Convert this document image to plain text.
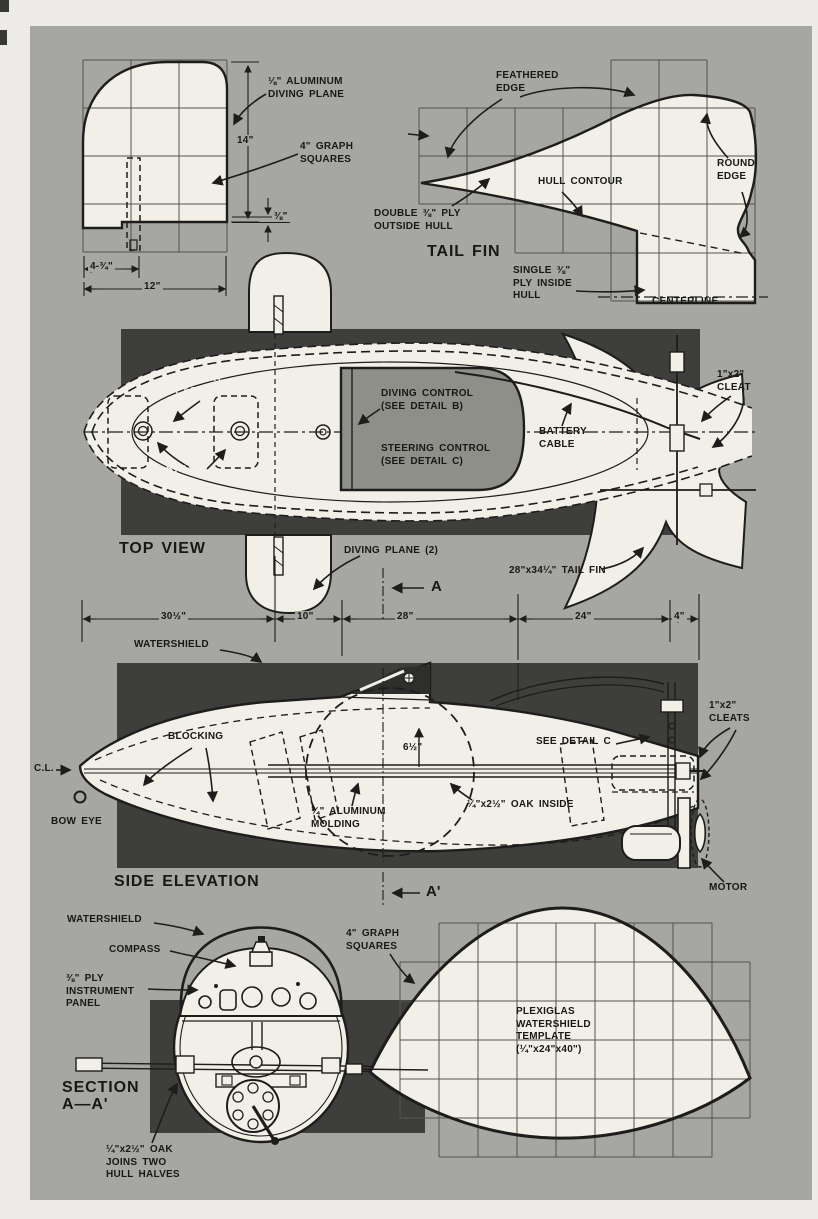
⅛" ALUMINUM
DIVING PLANE
4" GRAPH
SQUARES
14"
⅜"
4-¾"
12"
FEATHERED
EDGE
HULL CONTOUR
ROUND
EDGE
DOUBLE ⅜" PLY
OUTSIDE HULL
TAIL FIN
SINGLE ⅜"
PLY INSIDE
HULL
CENTERLINE
BATTERY
CASE
STRAPS
DIVING CONTROL
(SEE DETAIL B)
STEERING CONTROL
(SEE DETAIL C)
BATTERY
CABLE
1"x2"
CLEAT
TOP VIEW	DIVING PLANE (2)
28"x34¼" TAIL FIN
A
30½"	10"	28"	24"	4"
WATERSHIELD
C.L.
BOW EYE
BLOCKING
¾" ALUMINUM
MOLDING
6½"
SEE DETAIL C
1"x2"
CLEATS
¼"x2½" OAK INSIDE
MOTOR
SIDE ELEVATION
A'
WATERSHIELD
COMPASS
⅜" PLY
INSTRUMENT
PANEL
SECTION
A—A'
¼"x2½" OAK
JOINS TWO
HULL HALVES
4" GRAPH
SQUARES
PLEXIGLAS
WATERSHIELD
TEMPLATE
(¼"x24"x40")
